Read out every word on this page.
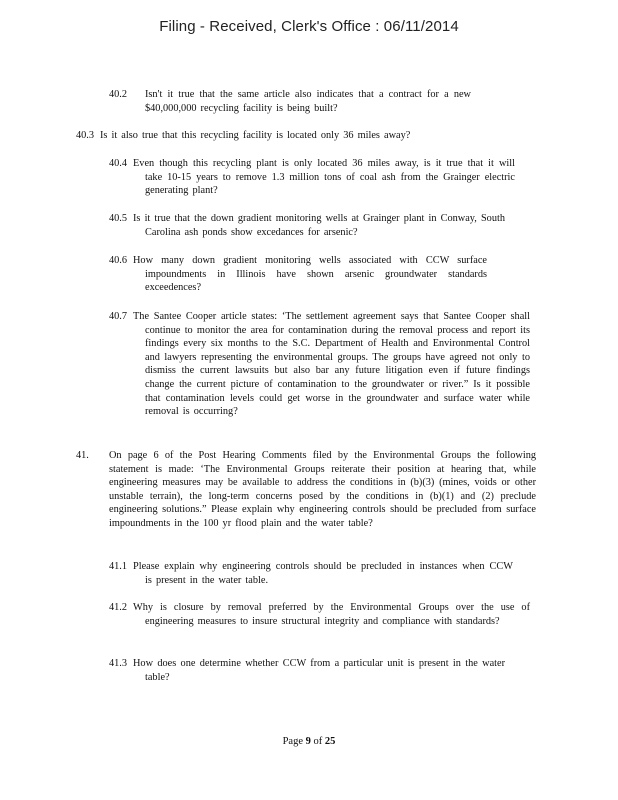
Filing - Received, Clerk's Office : 06/11/2014
40.2	Isn't it true that the same article also indicates that a contract for a new $40,000,000 recycling facility is being built?
40.3 Is it also true that this recycling facility is located only 36 miles away?
40.4 Even though this recycling plant is only located 36 miles away, is it true that it will take 10-15 years to remove 1.3 million tons of coal ash from the Grainger electric generating plant?
40.5 Is it true that the down gradient monitoring wells at Grainger plant in Conway, South Carolina ash ponds show excedances for arsenic?
40.6 How many down gradient monitoring wells associated with CCW surface impoundments in Illinois have shown arsenic groundwater standards exceedences?
40.7 The Santee Cooper article states: ‘The settlement agreement says that Santee Cooper shall continue to monitor the area for contamination during the removal process and report its findings every six months to the S.C. Department of Health and Environmental Control and lawyers representing the environmental groups. The groups have agreed not only to dismiss the current lawsuits but also bar any future litigation even if future findings change the current picture of contamination to the groundwater or river.” Is it possible that contamination levels could get worse in the groundwater and surface water while removal is occurring?
41.	On page 6 of the Post Hearing Comments filed by the Environmental Groups the following statement is made: ‘The Environmental Groups reiterate their position at hearing that, while engineering measures may be available to address the conditions in (b)(3) (mines, voids or other unstable terrain), the long-term concerns posed by the conditions in (b)(1) and (2) preclude engineering solutions.” Please explain why engineering controls should be precluded from surface impoundments in the 100 yr flood plain and the water table?
41.1 Please explain why engineering controls should be precluded in instances when CCW is present in the water table.
41.2 Why is closure by removal preferred by the Environmental Groups over the use of engineering measures to insure structural integrity and compliance with standards?
41.3 How does one determine whether CCW from a particular unit is present in the water table?
Page 9 of 25
